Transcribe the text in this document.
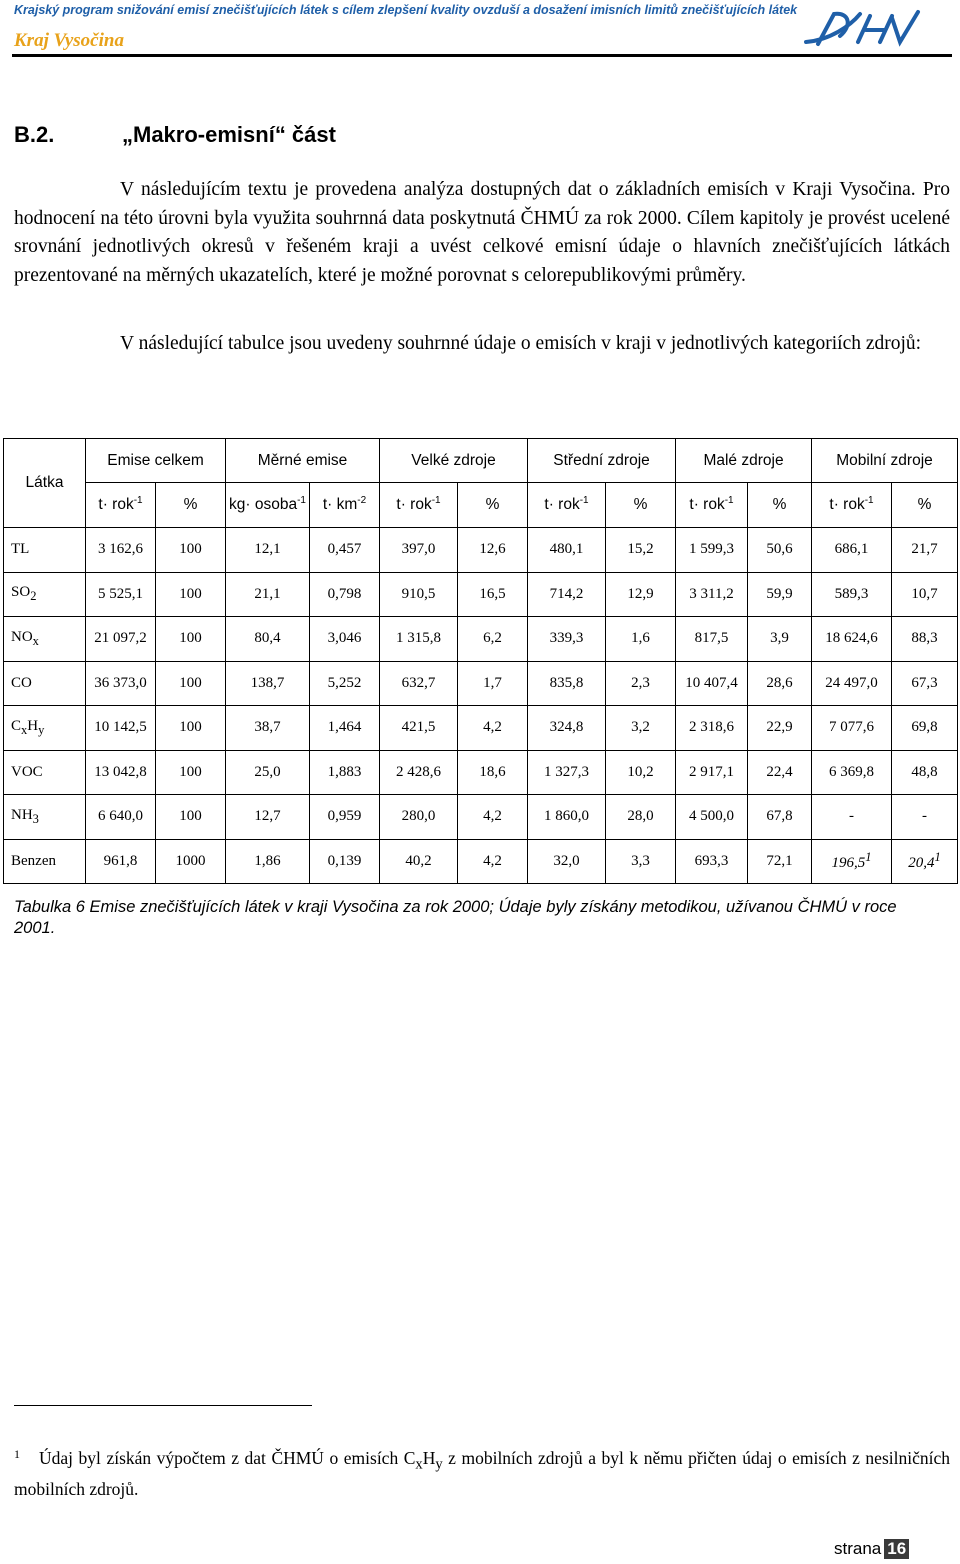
Krajský program snižování emisí znečišťujících látek s cílem zlepšení kvality ovzduší a dosažení imisních limitů znečišťujících látek
Kraj Vysočina
B.2.	„Makro-emisní“ část

V následujícím textu je provedena analýza dostupných dat o základních emisích v Kraji Vysočina. Pro hodnocení na této úrovni byla využita souhrnná data poskytnutá ČHMÚ za rok 2000. Cílem kapitoly je provést ucelené srovnání jednotlivých okresů v řešeném kraji a uvést celkové emisní údaje o hlavních znečišťujících látkách prezentované na měrných ukazatelích, které je možné porovnat s celorepublikovými průměry.

V následující tabulce jsou uvedeny souhrnné údaje o emisích v kraji v jednotlivých kategoriích zdrojů:

Látka	Emise celkem		Měrné emise		Velké zdroje		Střední zdroje		Malé zdroje		Mobilní zdroje	
	t· rok$^{-1}$	%	kg· osoba$^{-1}$	$t\cdot km^{-2}$	t· rok$^{-1}$	%	t· rok$^{-1}$	%	t· rok$^{-1}$	%	t· rok$^{-1}$	%
TL	3 162,6	100	12,1	0,457	397,0	12,6	480,1	15,2	1 599,3	50,6	686,1	21,7
$SO_2$	5 525,1	100	21,1	0,798	910,5	16,5	714,2	12,9	3 311,2	59,9	589,3	10,7
$NO_x$	21 097,2	100	80,4	3,046	1 315,8	6,2	339,3	1,6	817,5	3,9	18 624,6	88,3
CO	36 373,0	100	138,7	5,252	632,7	1,7	835,8	2,3	10 407,4	28,6	24 497,0	67,3
$C_xH_y$	10 142,5	100	38,7	1,464	421,5	4,2	324,8	3,2	2 318,6	22,9	7 077,6	69,8
VOC	13 042,8	100	25,0	1,883	2 428,6	18,6	1 327,3	10,2	2 917,1	22,4	6 369,8	48,8
$NH_3$	6 640,0	100	12,7	0,959	280,0	4,2	1 860,0	28,0	4 500,0	67,8	-	-
Benzen	961,8	1000	1,86	0,139	40,2	4,2	32,0	3,3	693,3	72,1	196,5$^1$	20,4$^1$

Tabulka 6 Emise znečišťujících látek v kraji Vysočina za rok 2000; Údaje byly získány metodikou, užívanou ČHMÚ v roce 2001.

1 Údaj byl získán výpočtem z dat ČHMÚ o emisích $C_xH_y$ z mobilních zdrojů a byl k němu přičten údaj o emisích z nesilničních mobilních zdrojů.

strana 16
